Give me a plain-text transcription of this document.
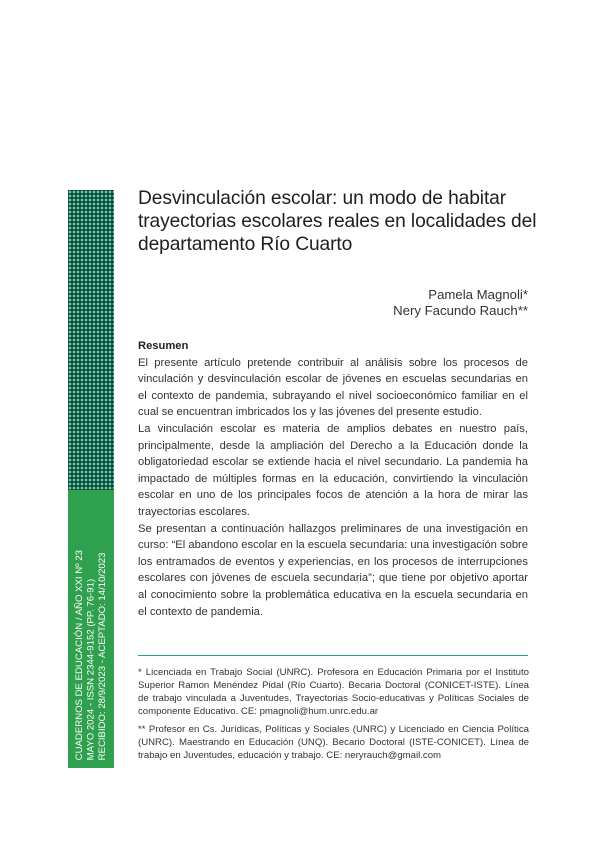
CUADERNOS DE EDUCACIÓN / AÑO XXI Nº 23 MAYO 2024 - ISSN 2344-9152 (PP. 76-91) RECIBIDO: 28/9/2023 - ACEPTADO: 14/10/2023
Desvinculación escolar: un modo de habitar trayectorias escolares reales en localidades del departamento Río Cuarto
Pamela Magnoli*
Nery Facundo Rauch**
Resumen

El presente artículo pretende contribuir al análisis sobre los procesos de vinculación y desvinculación escolar de jóvenes en escuelas secundarias en el contexto de pandemia, subrayando el nivel socioeconómico familiar en el cual se encuentran imbricados los y las jóvenes del presente estudio.

La vinculación escolar es materia de amplios debates en nuestro país, principalmente, desde la ampliación del Derecho a la Educación donde la obligatoriedad escolar se extiende hacia el nivel secundario. La pandemia ha impactado de múltiples formas en la educación, convirtiendo la vinculación escolar en uno de los principales focos de atención a la hora de mirar las trayectorias escolares.

Se presentan a continuación hallazgos preliminares de una investigación en curso: “El abandono escolar en la escuela secundaria: una investigación sobre los entramados de eventos y experiencias, en los procesos de interrupciones escolares con jóvenes de escuela secundaria”; que tiene por objetivo aportar al conocimiento sobre la problemática educativa en la escuela secundaria en el contexto de pandemia.

* Licenciada en Trabajo Social (UNRC). Profesora en Educación Primaria por el Instituto Superior Ramon Menéndez Pidal (Río Cuarto). Becaria Doctoral (CONICET-ISTE). Línea de trabajo vinculada a Juventudes, Trayectorias Socio-educativas y Políticas Sociales de componente Educativo. CE: pmagnoli@hum.unrc.edu.ar

** Profesor en Cs. Jurídicas, Políticas y Sociales (UNRC) y Licenciado en Ciencia Política (UNRC). Maestrando en Educación (UNQ). Becario Doctoral (ISTE-CONICET). Línea de trabajo en Juventudes, educación y trabajo. CE: neryrauch@gmail.com
